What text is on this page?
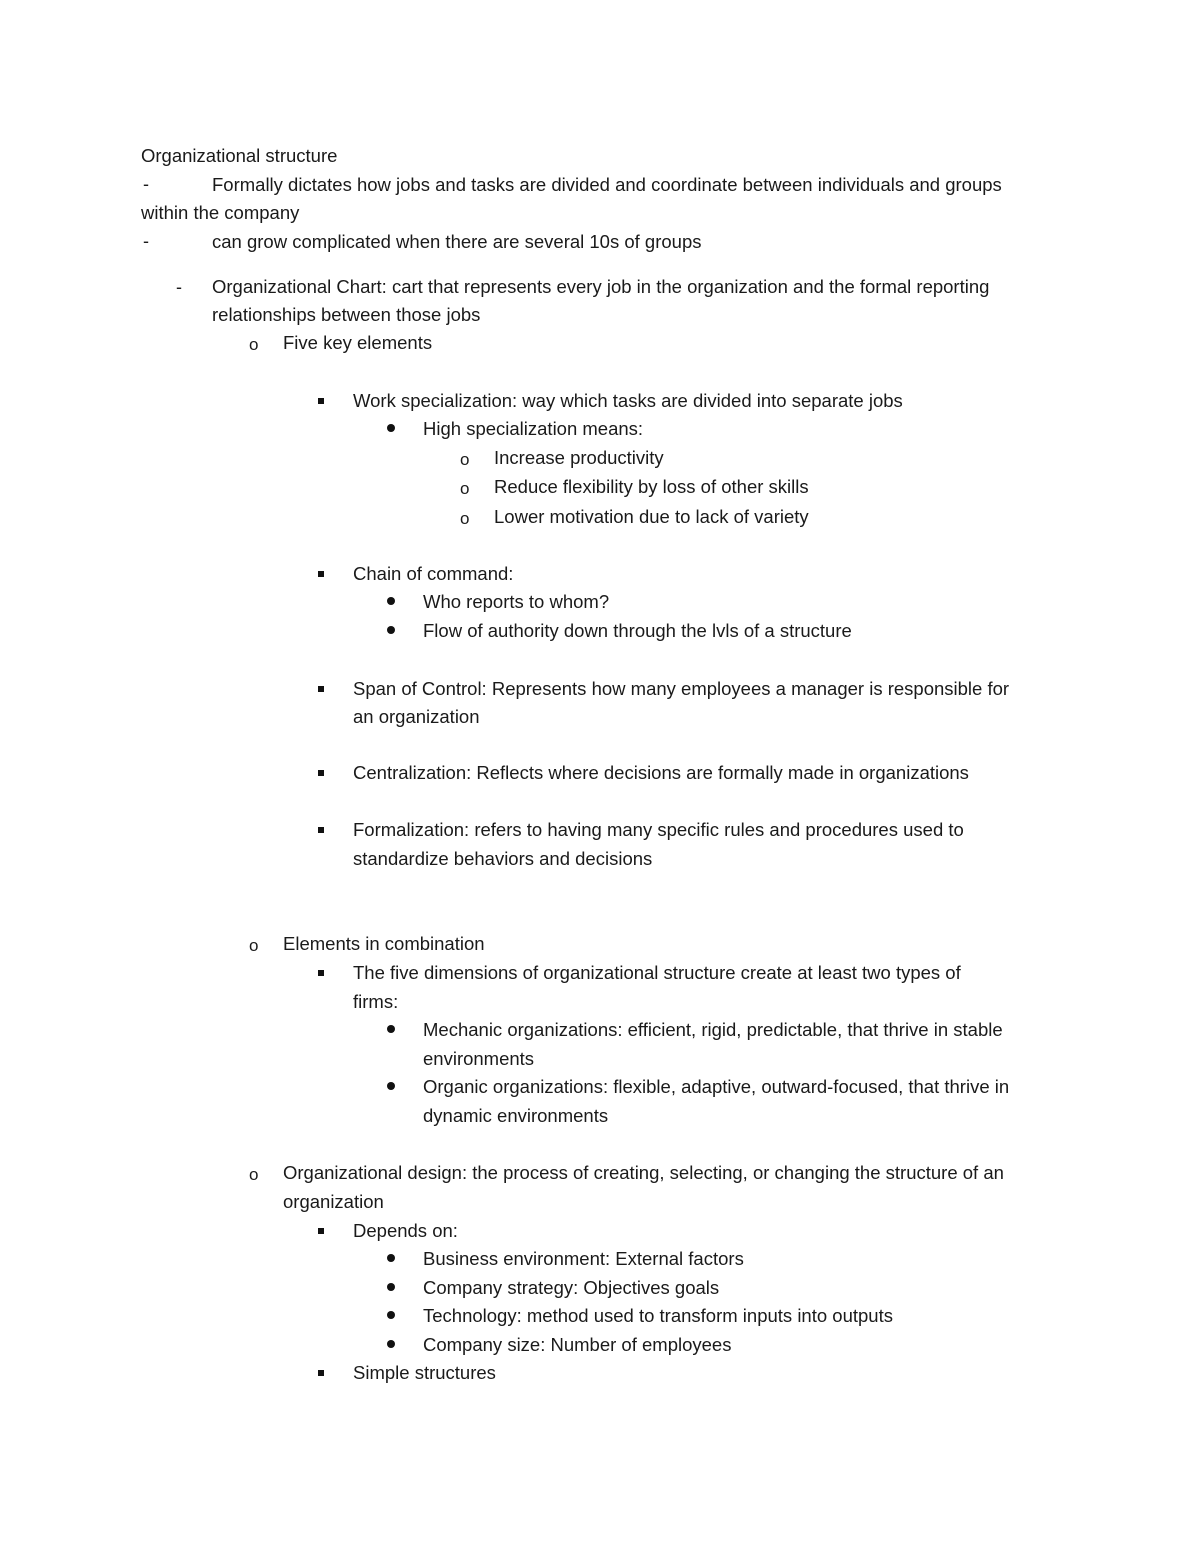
Organizational structure
-	Formally dictates how jobs and tasks are divided and coordinate between individuals and groups
within the company
-	can grow complicated when there are several 10s of groups
- Organizational Chart: cart that represents every job in the organization and the formal reporting
relationships between those jobs
o Five key elements
Work specialization: way which tasks are divided into separate jobs
High specialization means:
o Increase productivity
o Reduce flexibility by loss of other skills
o Lower motivation due to lack of variety
Chain of command:
Who reports to whom?
Flow of authority down through the lvls of a structure
Span of Control: Represents how many employees a manager is responsible for
an organization
Centralization: Reflects where decisions are formally made in organizations
Formalization: refers to having many specific rules and procedures used to
standardize behaviors and decisions
o Elements in combination
The five dimensions of organizational structure create at least two types of
firms:
Mechanic organizations: efficient, rigid, predictable, that thrive in stable
environments
Organic organizations: flexible, adaptive, outward-focused, that thrive in
dynamic environments
o Organizational design: the process of creating, selecting, or changing the structure of an
organization
Depends on:
Business environment: External factors
Company strategy: Objectives goals
Technology: method used to transform inputs into outputs
Company size: Number of employees
Simple structures
